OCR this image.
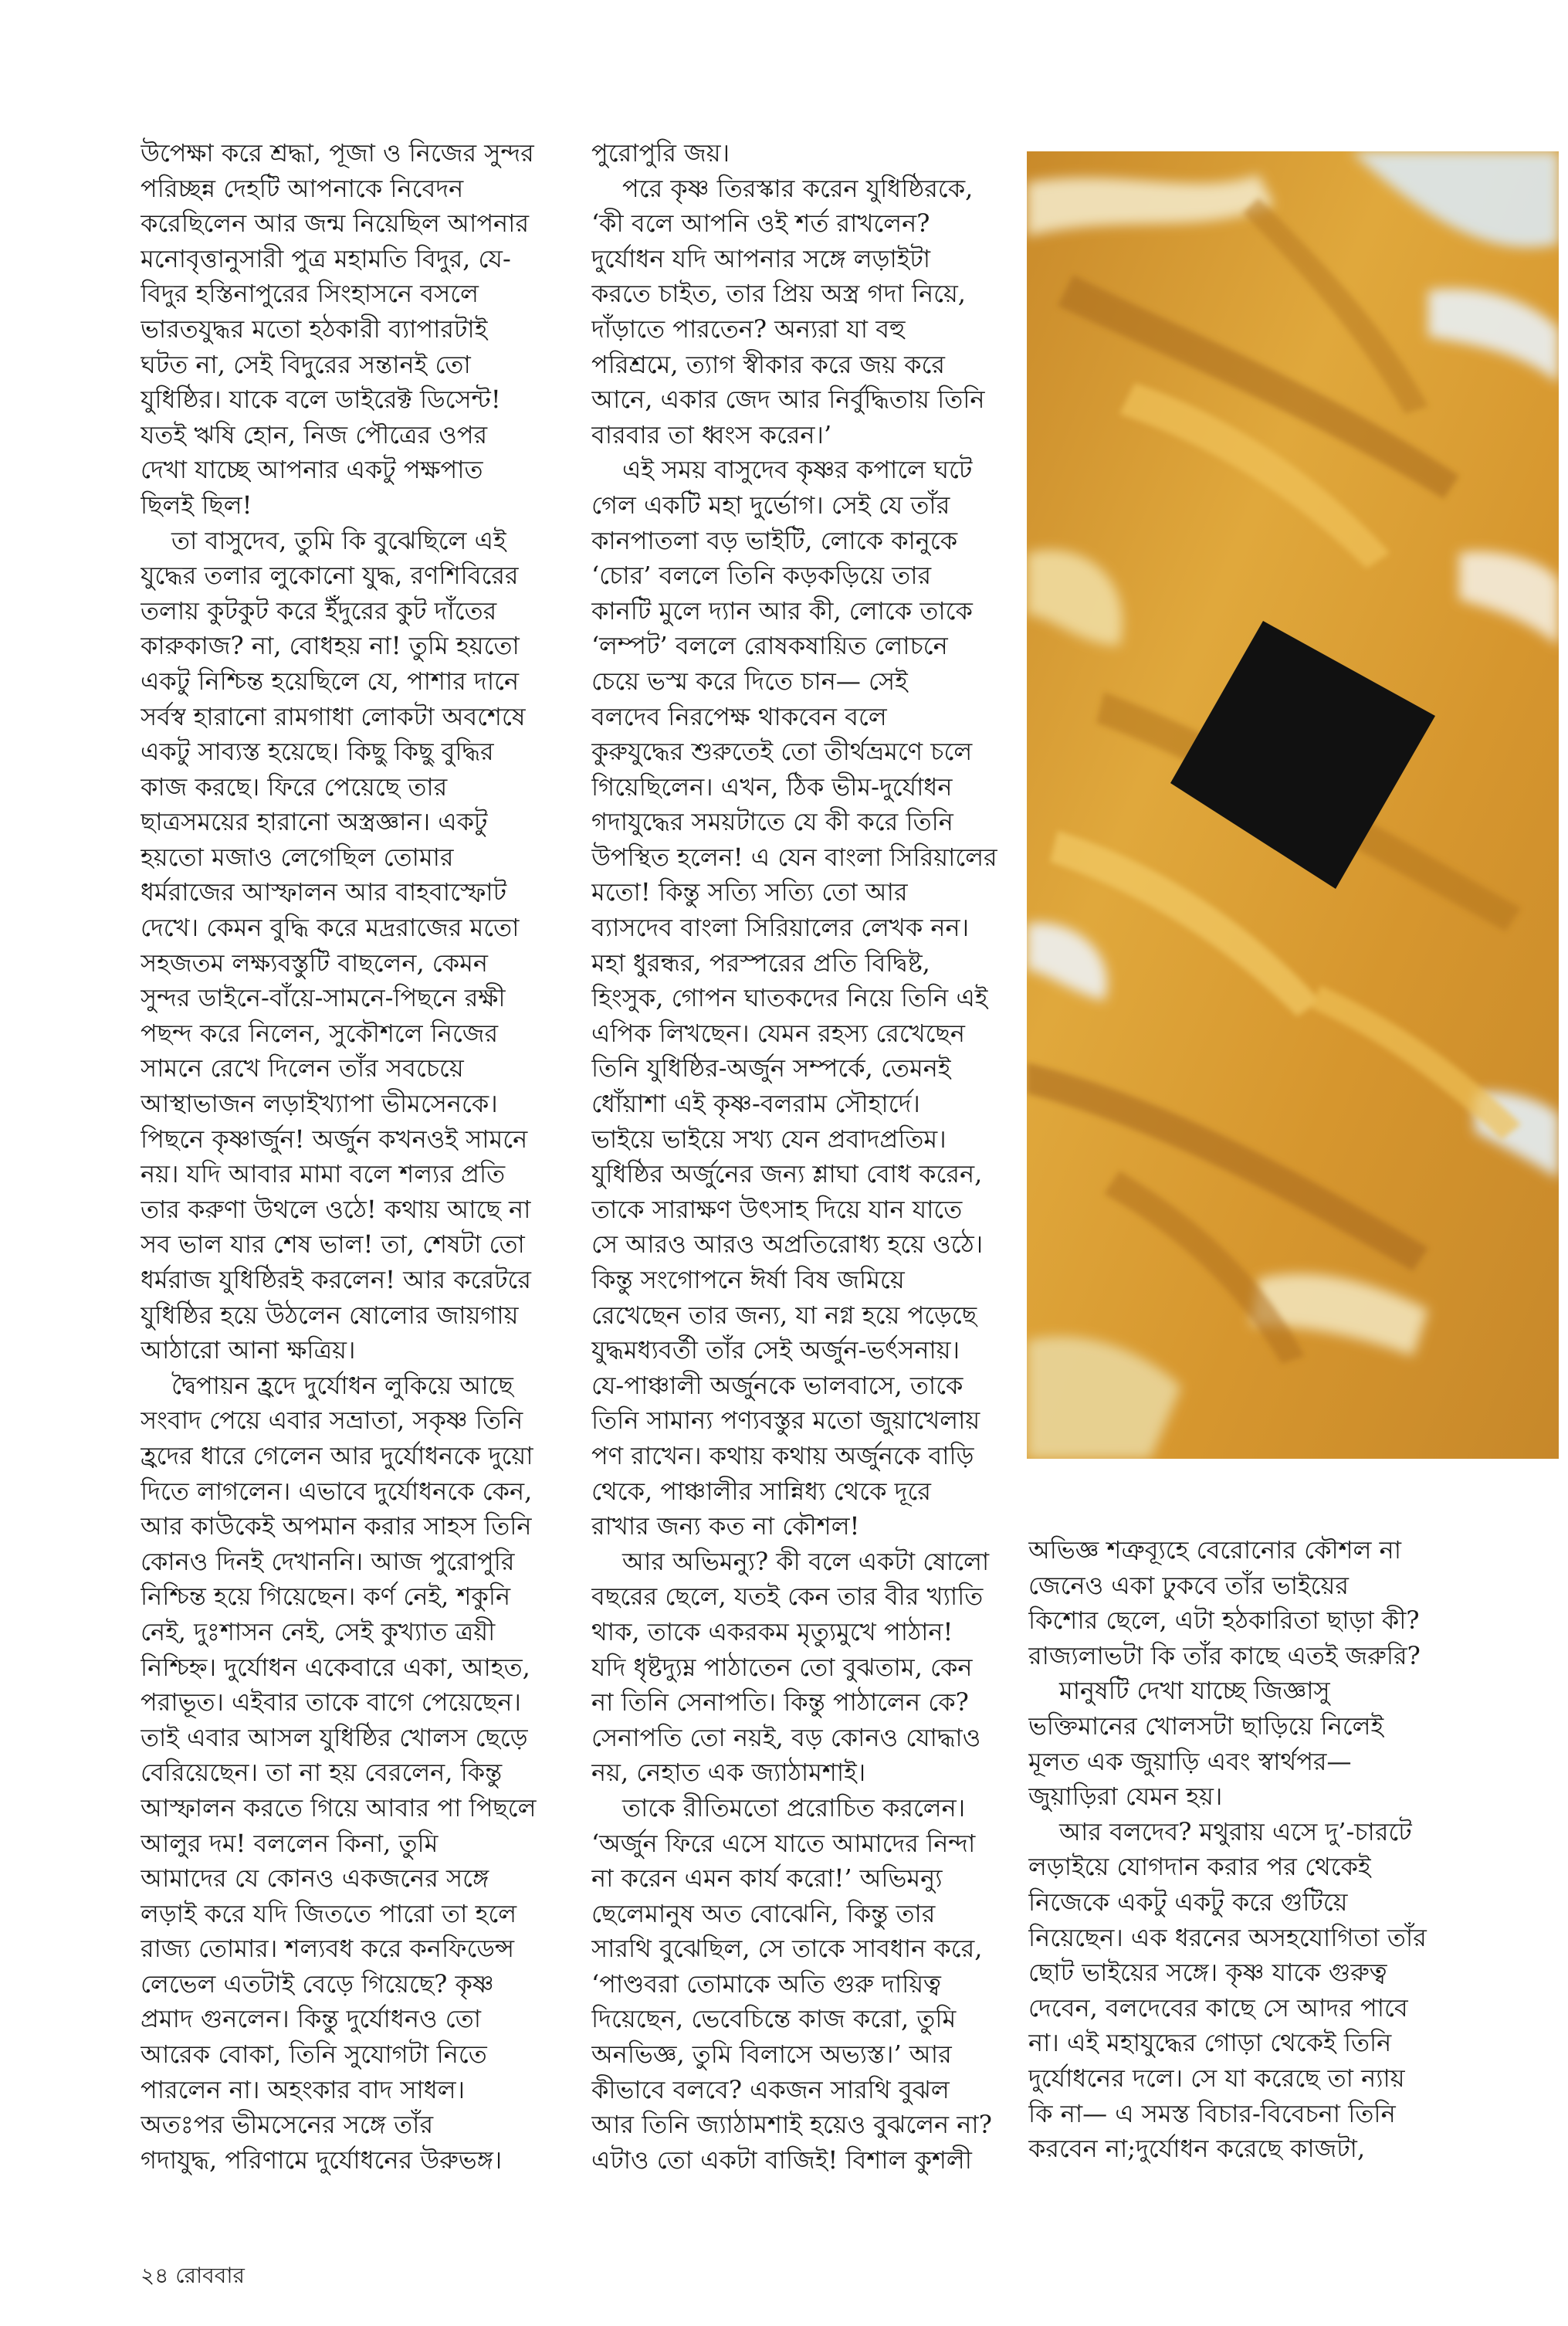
উপেক্ষা করে শ্রদ্ধা, পূজা ও নিজের সুন্দর

পরিচ্ছন্ন দেহটি আপনাকে নিবেদন

করেছিলেন আর জন্ম নিয়েছিল আপনার

মনোবৃত্তানুসারী পুত্র মহামতি বিদুর, যে-

বিদুর হস্তিনাপুরের সিংহাসনে বসলে

ভারতযুদ্ধর মতো হঠকারী ব্যাপারটাই

ঘটত না, সেই বিদুরের সন্তানই তো

যুধিষ্ঠির। যাকে বলে ডাইরেক্ট ডিসেন্ট!

যতই ঋষি হোন, নিজ পৌত্রের ওপর

দেখা যাচ্ছে আপনার একটু পক্ষপাত

ছিলই ছিল!

তা বাসুদেব, তুমি কি বুঝেছিলে এই

যুদ্ধের তলার লুকোনো যুদ্ধ, রণশিবিরের

তলায় কুটকুট করে ইঁদুরের কুট দাঁতের

কারুকাজ? না, বোধহয় না! তুমি হয়তো

একটু নিশ্চিন্ত হয়েছিলে যে, পাশার দানে

সর্বস্ব হারানো রামগাধা লোকটা অবশেষে

একটু সাব্যস্ত হয়েছে। কিছু কিছু বুদ্ধির

কাজ করছে। ফিরে পেয়েছে তার

ছাত্রসময়ের হারানো অস্ত্রজ্ঞান। একটু

হয়তো মজাও লেগেছিল তোমার

ধর্মরাজের আস্ফালন আর বাহবাস্ফোট

দেখে। কেমন বুদ্ধি করে মদ্ররাজের মতো

সহজতম লক্ষ্যবস্তুটি বাছলেন, কেমন

সুন্দর ডাইনে-বাঁয়ে-সামনে-পিছনে রক্ষী

পছন্দ করে নিলেন, সুকৌশলে নিজের

সামনে রেখে দিলেন তাঁর সবচেয়ে

আস্থাভাজন লড়াইখ্যাপা ভীমসেনকে।

পিছনে কৃষ্ণার্জুন! অর্জুন কখনওই সামনে

নয়। যদি আবার মামা বলে শল্যর প্রতি

তার করুণা উথলে ওঠে! কথায় আছে না

সব ভাল যার শেষ ভাল! তা, শেষটা তো

ধর্মরাজ যুধিষ্ঠিরই করলেন! আর করেটরে

যুধিষ্ঠির হয়ে উঠলেন ষোলোর জায়গায়

আঠারো আনা ক্ষত্রিয়।

দ্বৈপায়ন হ্রদে দুর্যোধন লুকিয়ে আছে

সংবাদ পেয়ে এবার সভ্রাতা, সকৃষ্ণ তিনি

হ্রদের ধারে গেলেন আর দুর্যোধনকে দুয়ো

দিতে লাগলেন। এভাবে দুর্যোধনকে কেন,

আর কাউকেই অপমান করার সাহস তিনি

কোনও দিনই দেখাননি। আজ পুরোপুরি

নিশ্চিন্ত হয়ে গিয়েছেন। কর্ণ নেই, শকুনি

নেই, দুঃশাসন নেই, সেই কুখ্যাত ত্রয়ী

নিশ্চিহ্ন। দুর্যোধন একেবারে একা, আহত,

পরাভূত। এইবার তাকে বাগে পেয়েছেন।

তাই এবার আসল যুধিষ্ঠির খোলস ছেড়ে

বেরিয়েছেন। তা না হয় বেরলেন, কিন্তু

আস্ফালন করতে গিয়ে আবার পা পিছলে

আলুর দম! বললেন কিনা, তুমি

আমাদের যে কোনও একজনের সঙ্গে

লড়াই করে যদি জিততে পারো তা হলে

রাজ্য তোমার। শল্যবধ করে কনফিডেন্স

লেভেল এতটাই বেড়ে গিয়েছে? কৃষ্ণ

প্রমাদ গুনলেন। কিন্তু দুর্যোধনও তো

আরেক বোকা, তিনি সুযোগটা নিতে

পারলেন না। অহংকার বাদ সাধল।

অতঃপর ভীমসেনের সঙ্গে তাঁর

গদাযুদ্ধ, পরিণামে দুর্যোধনের উরুভঙ্গ।

পুরোপুরি জয়।

পরে কৃষ্ণ তিরস্কার করেন যুধিষ্ঠিরকে,

‘কী বলে আপনি ওই শর্ত রাখলেন?

দুর্যোধন যদি আপনার সঙ্গে লড়াইটা

করতে চাইত, তার প্রিয় অস্ত্র গদা নিয়ে,

দাঁড়াতে পারতেন? অন্যরা যা বহু

পরিশ্রমে, ত্যাগ স্বীকার করে জয় করে

আনে, একার জেদ আর নির্বুদ্ধিতায় তিনি

বারবার তা ধ্বংস করেন।’

এই সময় বাসুদেব কৃষ্ণর কপালে ঘটে

গেল একটি মহা দুর্ভোগ। সেই যে তাঁর

কানপাতলা বড় ভাইটি, লোকে কানুকে

‘চোর’ বললে তিনি কড়কড়িয়ে তার

কানটি মুলে দ্যান আর কী, লোকে তাকে

‘লম্পট’ বললে রোষকষায়িত লোচনে

চেয়ে ভস্ম করে দিতে চান— সেই

বলদেব নিরপেক্ষ থাকবেন বলে

কুরুযুদ্ধের শুরুতেই তো তীর্থভ্রমণে চলে

গিয়েছিলেন। এখন, ঠিক ভীম-দুর্যোধন

গদাযুদ্ধের সময়টাতে যে কী করে তিনি

উপস্থিত হলেন! এ যেন বাংলা সিরিয়ালের

মতো! কিন্তু সত্যি সত্যি তো আর

ব্যাসদেব বাংলা সিরিয়ালের লেখক নন।

মহা ধুরন্ধর, পরস্পরের প্রতি বিদ্বিষ্ট,

হিংসুক, গোপন ঘাতকদের নিয়ে তিনি এই

এপিক লিখছেন। যেমন রহস্য রেখেছেন

তিনি যুধিষ্ঠির-অর্জুন সম্পর্কে, তেমনই

ধোঁয়াশা এই কৃষ্ণ-বলরাম সৌহার্দে।

ভাইয়ে ভাইয়ে সখ্য যেন প্রবাদপ্রতিম।

যুধিষ্ঠির অর্জুনের জন্য শ্লাঘা বোধ করেন,

তাকে সারাক্ষণ উৎসাহ দিয়ে যান যাতে

সে আরও আরও অপ্রতিরোধ্য হয়ে ওঠে।

কিন্তু সংগোপনে ঈর্ষা বিষ জমিয়ে

রেখেছেন তার জন্য, যা নগ্ন হয়ে পড়েছে

যুদ্ধমধ্যবর্তী তাঁর সেই অর্জুন-ভর্ৎসনায়।

যে-পাঞ্চালী অর্জুনকে ভালবাসে, তাকে

তিনি সামান্য পণ্যবস্তুর মতো জুয়াখেলায়

পণ রাখেন। কথায় কথায় অর্জুনকে বাড়ি

থেকে, পাঞ্চালীর সান্নিধ্য থেকে দূরে

রাখার জন্য কত না কৌশল!

আর অভিমন্যু? কী বলে একটা ষোলো

বছরের ছেলে, যতই কেন তার বীর খ্যাতি

থাক, তাকে একরকম মৃত্যুমুখে পাঠান!

যদি ধৃষ্টদ্যুম্ন পাঠাতেন তো বুঝতাম, কেন

না তিনি সেনাপতি। কিন্তু পাঠালেন কে?

সেনাপতি তো নয়ই, বড় কোনও যোদ্ধাও

নয়, নেহাত এক জ্যাঠামশাই।

তাকে রীতিমতো প্ররোচিত করলেন।

‘অর্জুন ফিরে এসে যাতে আমাদের নিন্দা

না করেন এমন কার্য করো!’ অভিমন্যু

ছেলেমানুষ অত বোঝেনি, কিন্তু তার

সারথি বুঝেছিল, সে তাকে সাবধান করে,

‘পাণ্ডবরা তোমাকে অতি গুরু দায়িত্ব

দিয়েছেন, ভেবেচিন্তে কাজ করো, তুমি

অনভিজ্ঞ, তুমি বিলাসে অভ্যস্ত।’ আর

কীভাবে বলবে? একজন সারথি বুঝল

আর তিনি জ্যাঠামশাই হয়েও বুঝলেন না?

এটাও তো একটা বাজিই! বিশাল কুশলী

অভিজ্ঞ শত্রুব্যূহে বেরোনোর কৌশল না

জেনেও একা ঢুকবে তাঁর ভাইয়ের

কিশোর ছেলে, এটা হঠকারিতা ছাড়া কী?

রাজ্যলাভটা কি তাঁর কাছে এতই জরুরি?

মানুষটি দেখা যাচ্ছে জিজ্ঞাসু

ভক্তিমানের খোলসটা ছাড়িয়ে নিলেই

মূলত এক জুয়াড়ি এবং স্বার্থপর—

জুয়াড়িরা যেমন হয়।

আর বলদেব? মথুরায় এসে দু’-চারটে

লড়াইয়ে যোগদান করার পর থেকেই

নিজেকে একটু একটু করে গুটিয়ে

নিয়েছেন। এক ধরনের অসহযোগিতা তাঁর

ছোট ভাইয়ের সঙ্গে। কৃষ্ণ যাকে গুরুত্ব

দেবেন, বলদেবের কাছে সে আদর পাবে

না। এই মহাযুদ্ধের গোড়া থেকেই তিনি

দুর্যোধনের দলে। সে যা করেছে তা ন্যায়

কি না— এ সমস্ত বিচার-বিবেচনা তিনি

করবেন না;দুর্যোধন করেছে কাজটা,

২৪ রোববার
